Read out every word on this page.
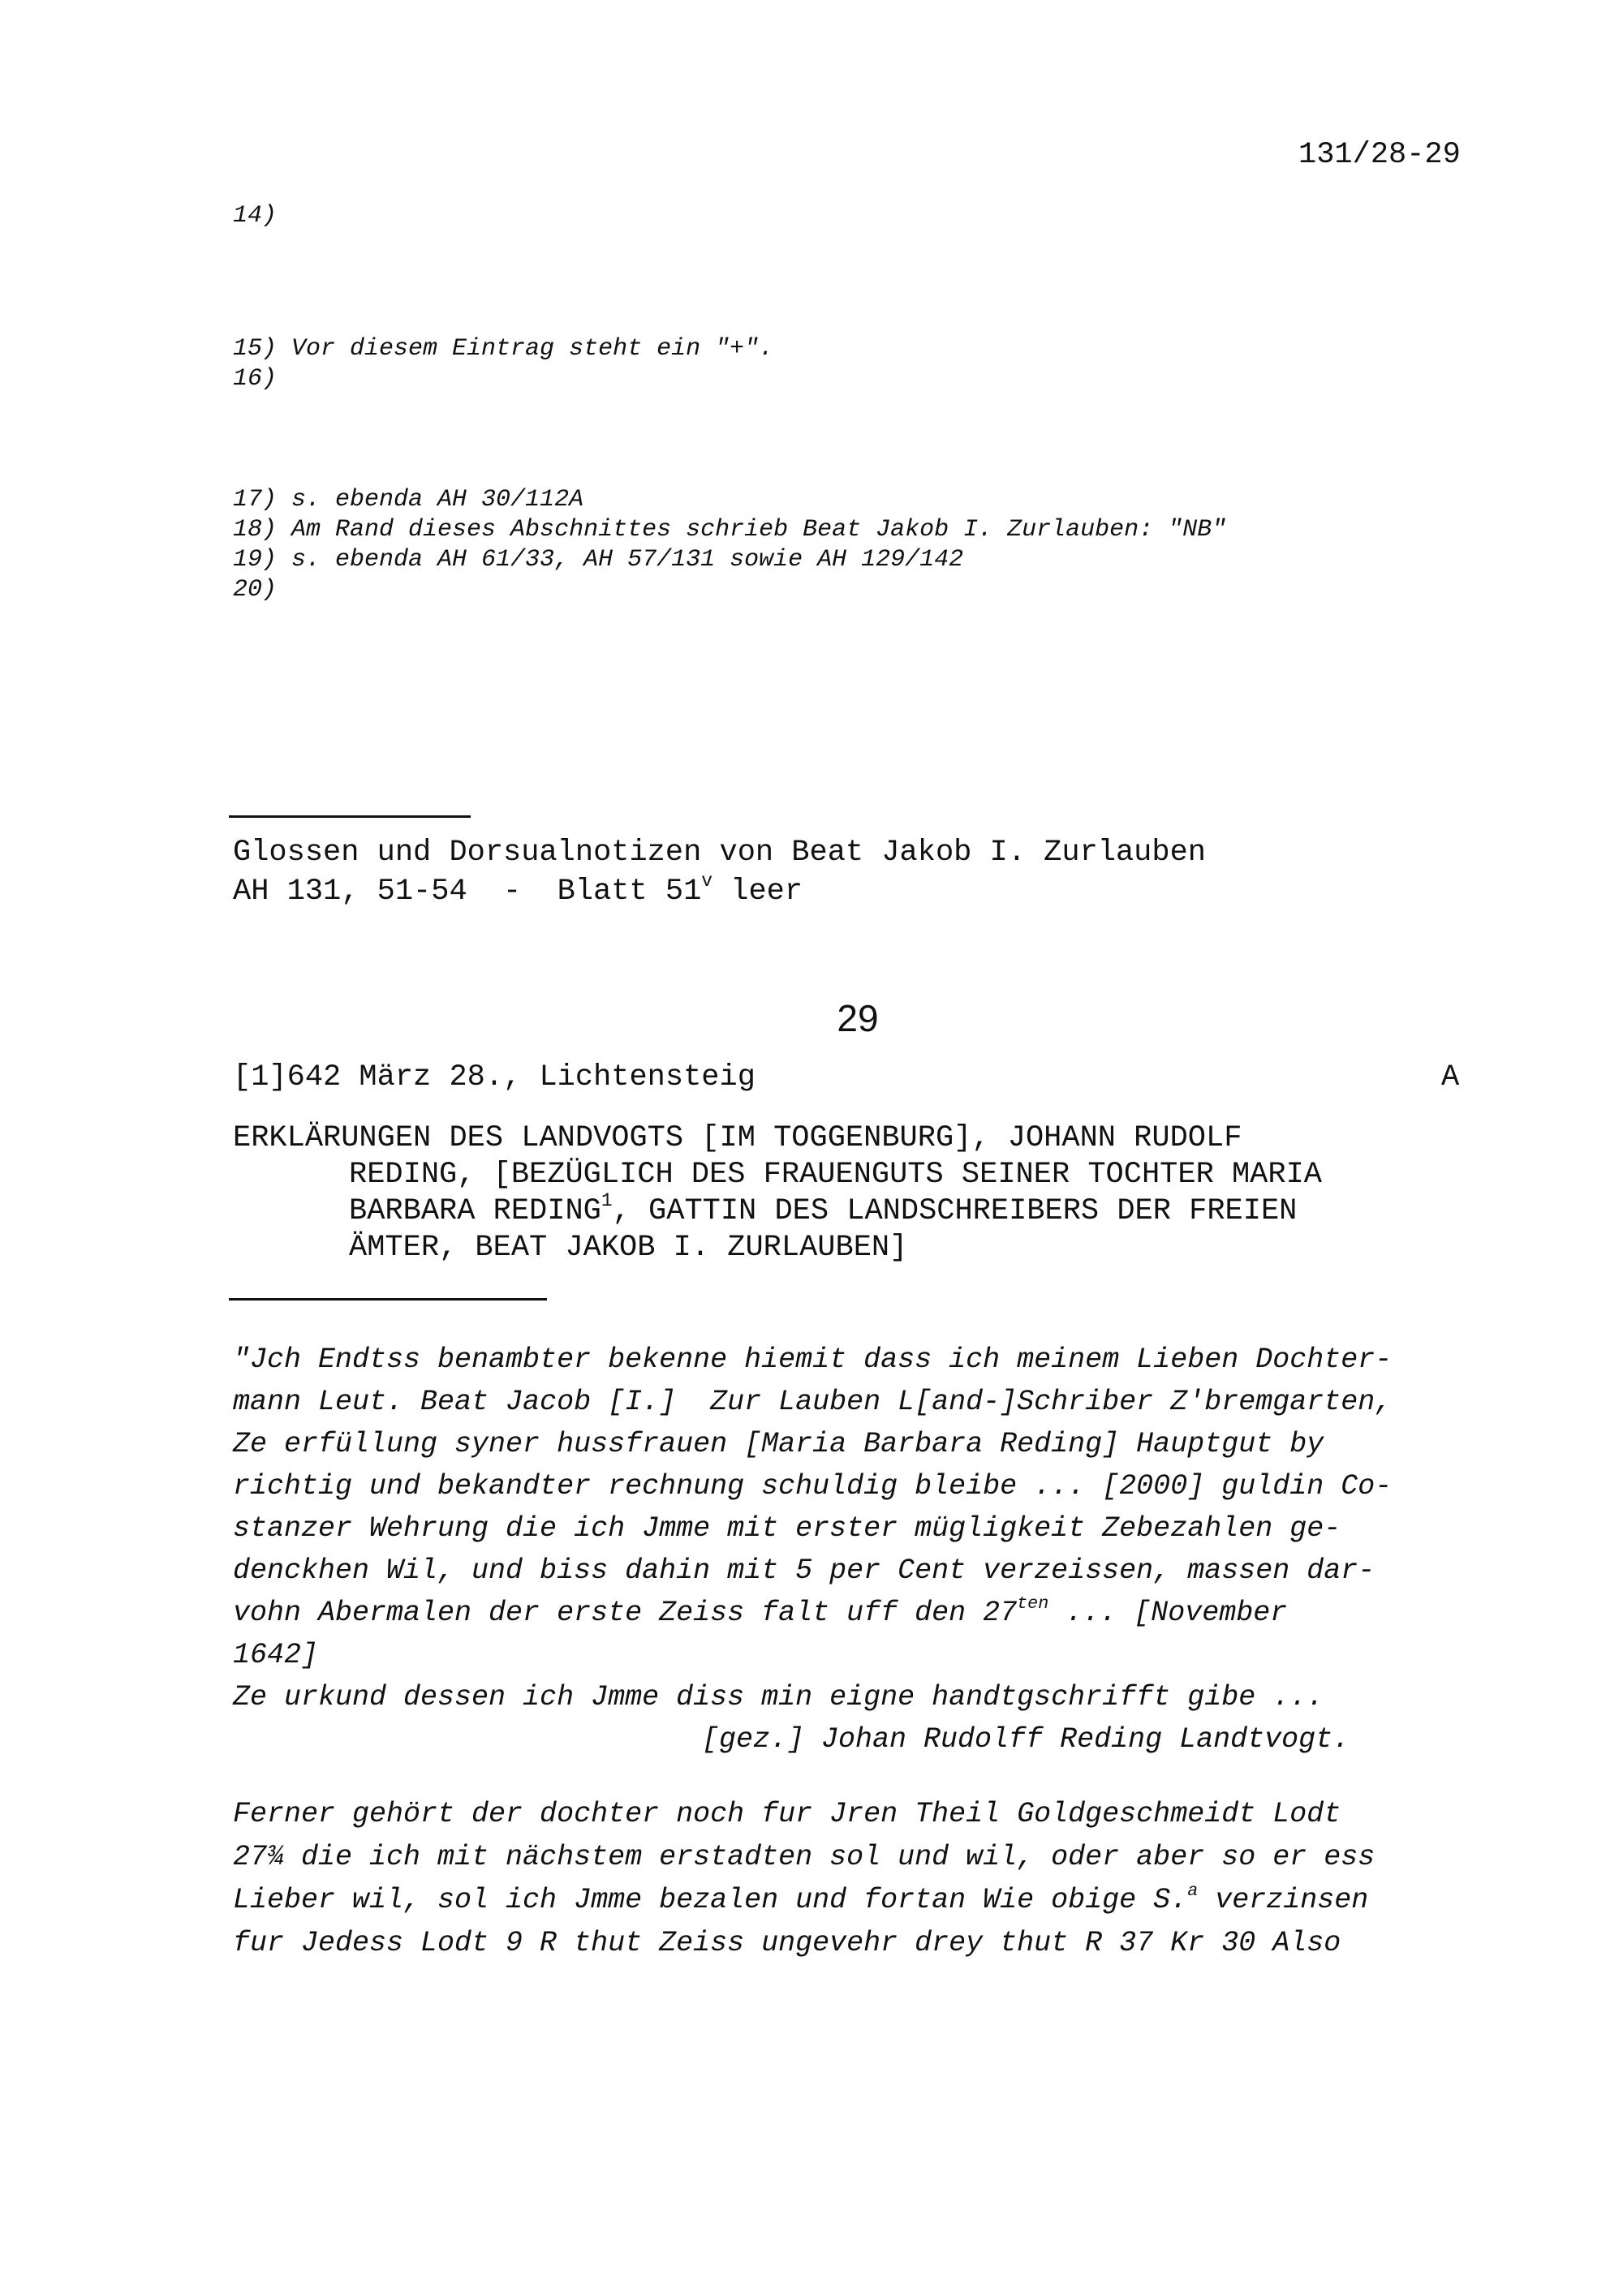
131/28-29
14)
15) Vor diesem Eintrag steht ein "+".
16)
17) s. ebenda AH 30/112A
18) Am Rand dieses Abschnittes schrieb Beat Jakob I. Zurlauben: "NB"
19) s. ebenda AH 61/33, AH 57/131 sowie AH 129/142
20)
Glossen und Dorsualnotizen von Beat Jakob I. Zurlauben
AH 131, 51-54  -  Blatt 51$^v$ leer
29
[1]642 März 28., Lichtensteig	A
ERKLÄRUNGEN DES LANDVOGTS [IM TOGGENBURG], JOHANN RUDOLF
REDING, [BEZÜGLICH DES FRAUENGUTS SEINER TOCHTER MARIA
BARBARA REDING$^1$, GATTIN DES LANDSCHREIBERS DER FREIEN
ÄMTER, BEAT JAKOB I. ZURLAUBEN]
"Jch Endtss benambter bekenne hiemit dass ich meinem Lieben Dochter-
mann Leut. Beat Jacob [I.]  Zur Lauben L[and-]Schriber Z'bremgarten,
Ze erfüllung syner hussfrauen [Maria Barbara Reding] Hauptgut by
richtig und bekandter rechnung schuldig bleibe ... [2000] guldin Co-
stanzer Wehrung die ich Jmme mit erster mügligkeit Zebezahlen ge-
denckhen Wil, und biss dahin mit 5 per Cent verzeissen, massen dar-
vohn Abermalen der erste Zeiss falt uff den $27^{ten}$ ... [November
1642]
Ze urkund dessen ich Jmme diss min eigne handtgschrifft gibe ...
[gez.] Johan Rudolff Reding Landtvogt.
Ferner gehört der dochter noch fur Jren Theil Goldgeschmeidt Lodt
27¾ die ich mit nächstem erstadten sol und wil, oder aber so er ess
Lieber wil, sol ich Jmme bezalen und fortan Wie obige S.$^a$ verzinsen
fur Jedess Lodt 9 R thut Zeiss ungevehr drey thut R 37 Kr 30 Also
